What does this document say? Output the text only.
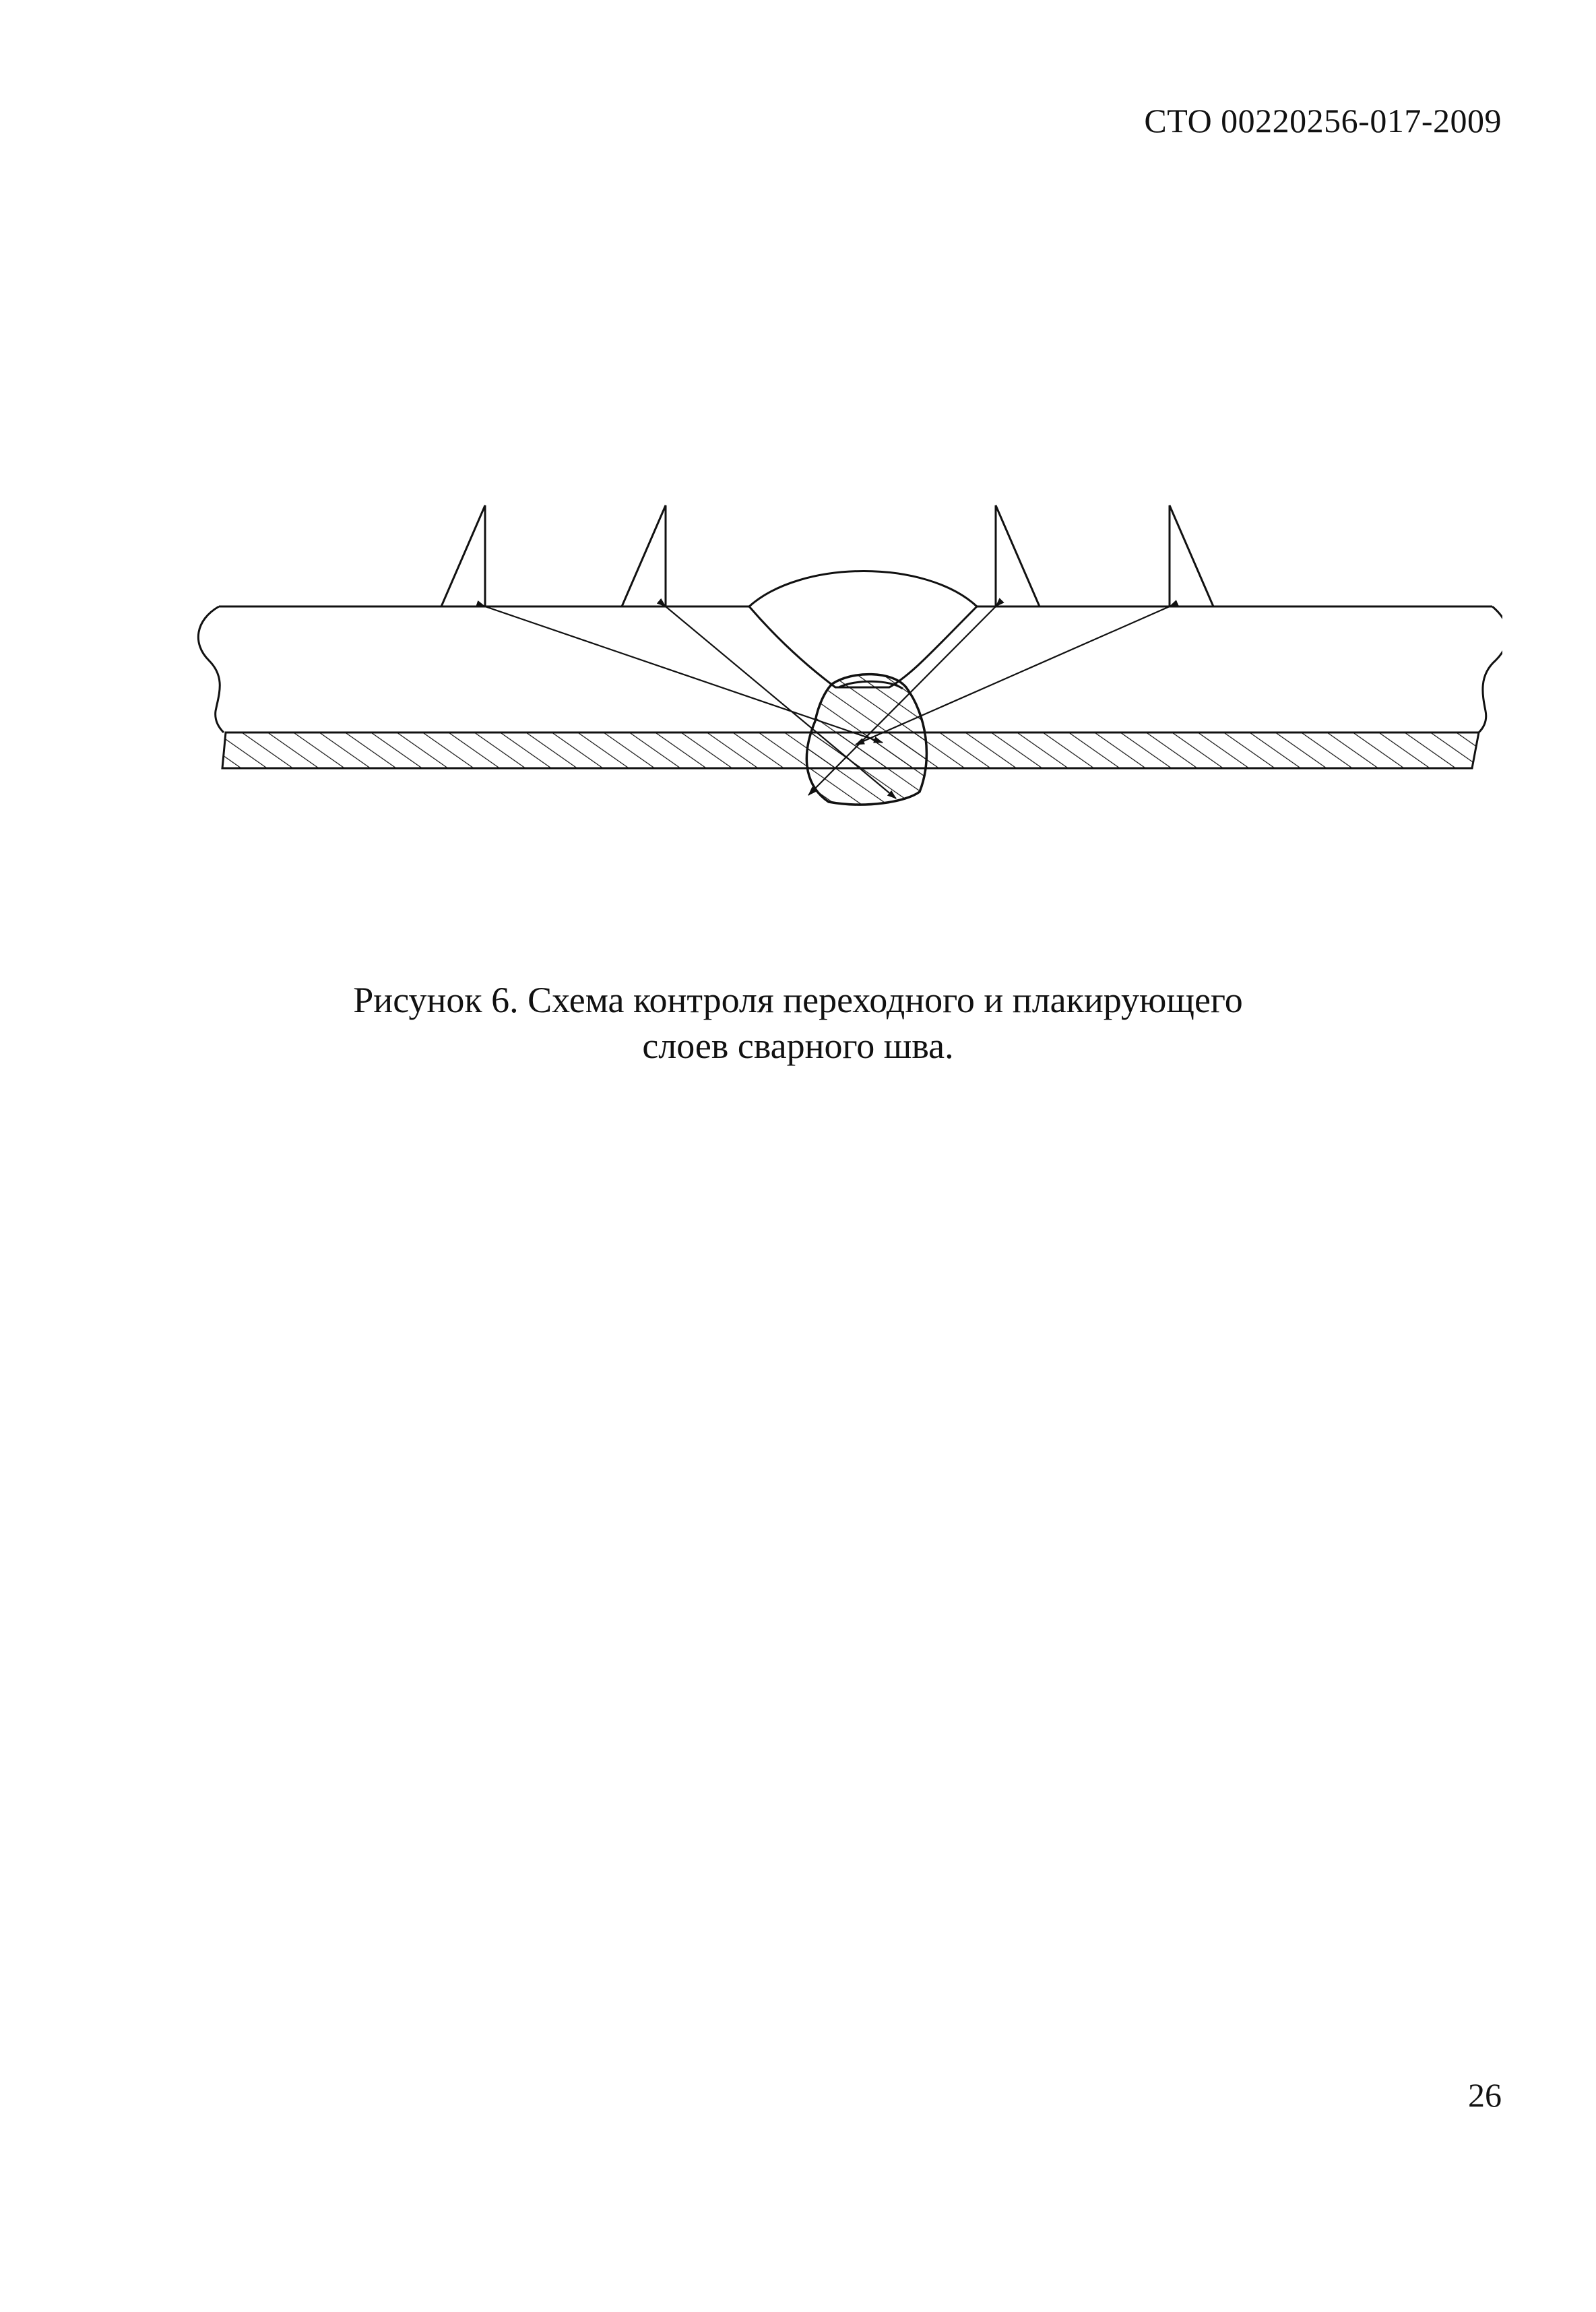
СТО 00220256-017-2009
Рисунок 6. Схема контроля переходного и плакирующего
слоев сварного шва.
26
